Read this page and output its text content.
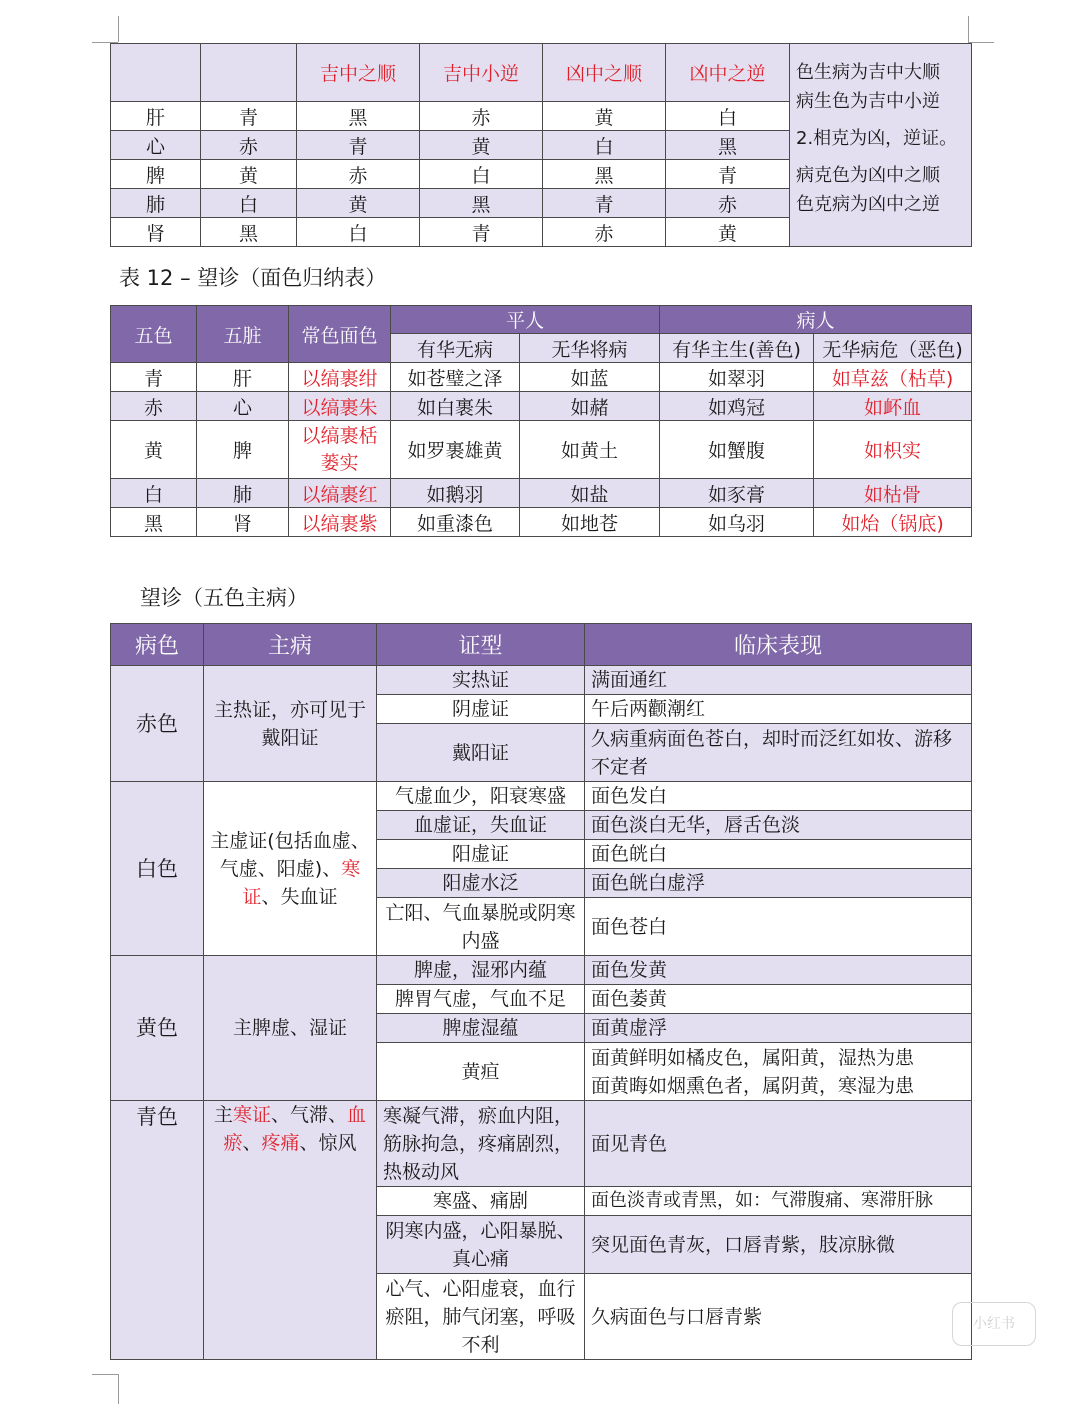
		吉中之顺	吉中小逆	凶中之顺	凶中之逆	色生病为吉中大顺
病生色为吉中小逆
2.相克为凶，逆证。
病克色为凶中之顺
色克病为凶中之逆

肝	青	黑	赤	黄	白	
心	赤	青	黄	白	黑	
脾	黄	赤	白	黑	青	
肺	白	黄	黑	青	赤	
肾	黑	白	青	赤	黄	
表 12 – 望诊（面色归纳表）
五色	五脏	常色面色	平人		病人	
			有华无病	无华将病	有华主生(善色)	无华病危（恶色)
青	肝	以缟裹绀	如苍璧之泽	如蓝	如翠羽	如草兹（枯草)
赤	心	以缟裹朱	如白裹朱	如赭	如鸡冠	如衃血
黄	脾	以缟裹栝蒌实	如罗裹雄黄	如黄土	如蟹腹	如枳实
白	肺	以缟裹红	如鹅羽	如盐	如豕膏	如枯骨
黑	肾	以缟裹紫	如重漆色	如地苍	如乌羽	如炲（锅底)
望诊（五色主病）
病色	主病	证型	临床表现
赤色	主热证，亦可见于戴阳证	实热证	满面通红
		阴虚证	午后两颧潮红
		戴阳证	久病重病面色苍白，却时而泛红如妆、游移不定者
白色	主虚证(包括血虚、气虚、阳虚)、寒证、失血证	气虚血少，阳衰寒盛	面色发白
		血虚证，失血证	面色淡白无华，唇舌色淡
		阳虚证	面色㿠白
		阳虚水泛	面色㿠白虚浮
		亡阳、气血暴脱或阴寒内盛	面色苍白
黄色	主脾虚、湿证	脾虚，湿邪内蕴	面色发黄
		脾胃气虚，气血不足	面色萎黄
		脾虚湿蕴	面黄虚浮
		黄疸	面黄鲜明如橘皮色，属阳黄，湿热为患
面黄晦如烟熏色者，属阴黄，寒湿为患

青色	主寒证、气滞、血瘀、疼痛、惊风	寒凝气滞，瘀血内阻，筋脉拘急，疼痛剧烈，热极动风	面见青色
		寒盛、痛剧	面色淡青或青黑，如：气滞腹痛、寒滞肝脉
		阴寒内盛，心阳暴脱、真心痛	突见面色青灰，口唇青紫，肢凉脉微
		心气、心阳虚衰，血行瘀阻，肺气闭塞，呼吸不利	久病面色与口唇青紫	小红书
